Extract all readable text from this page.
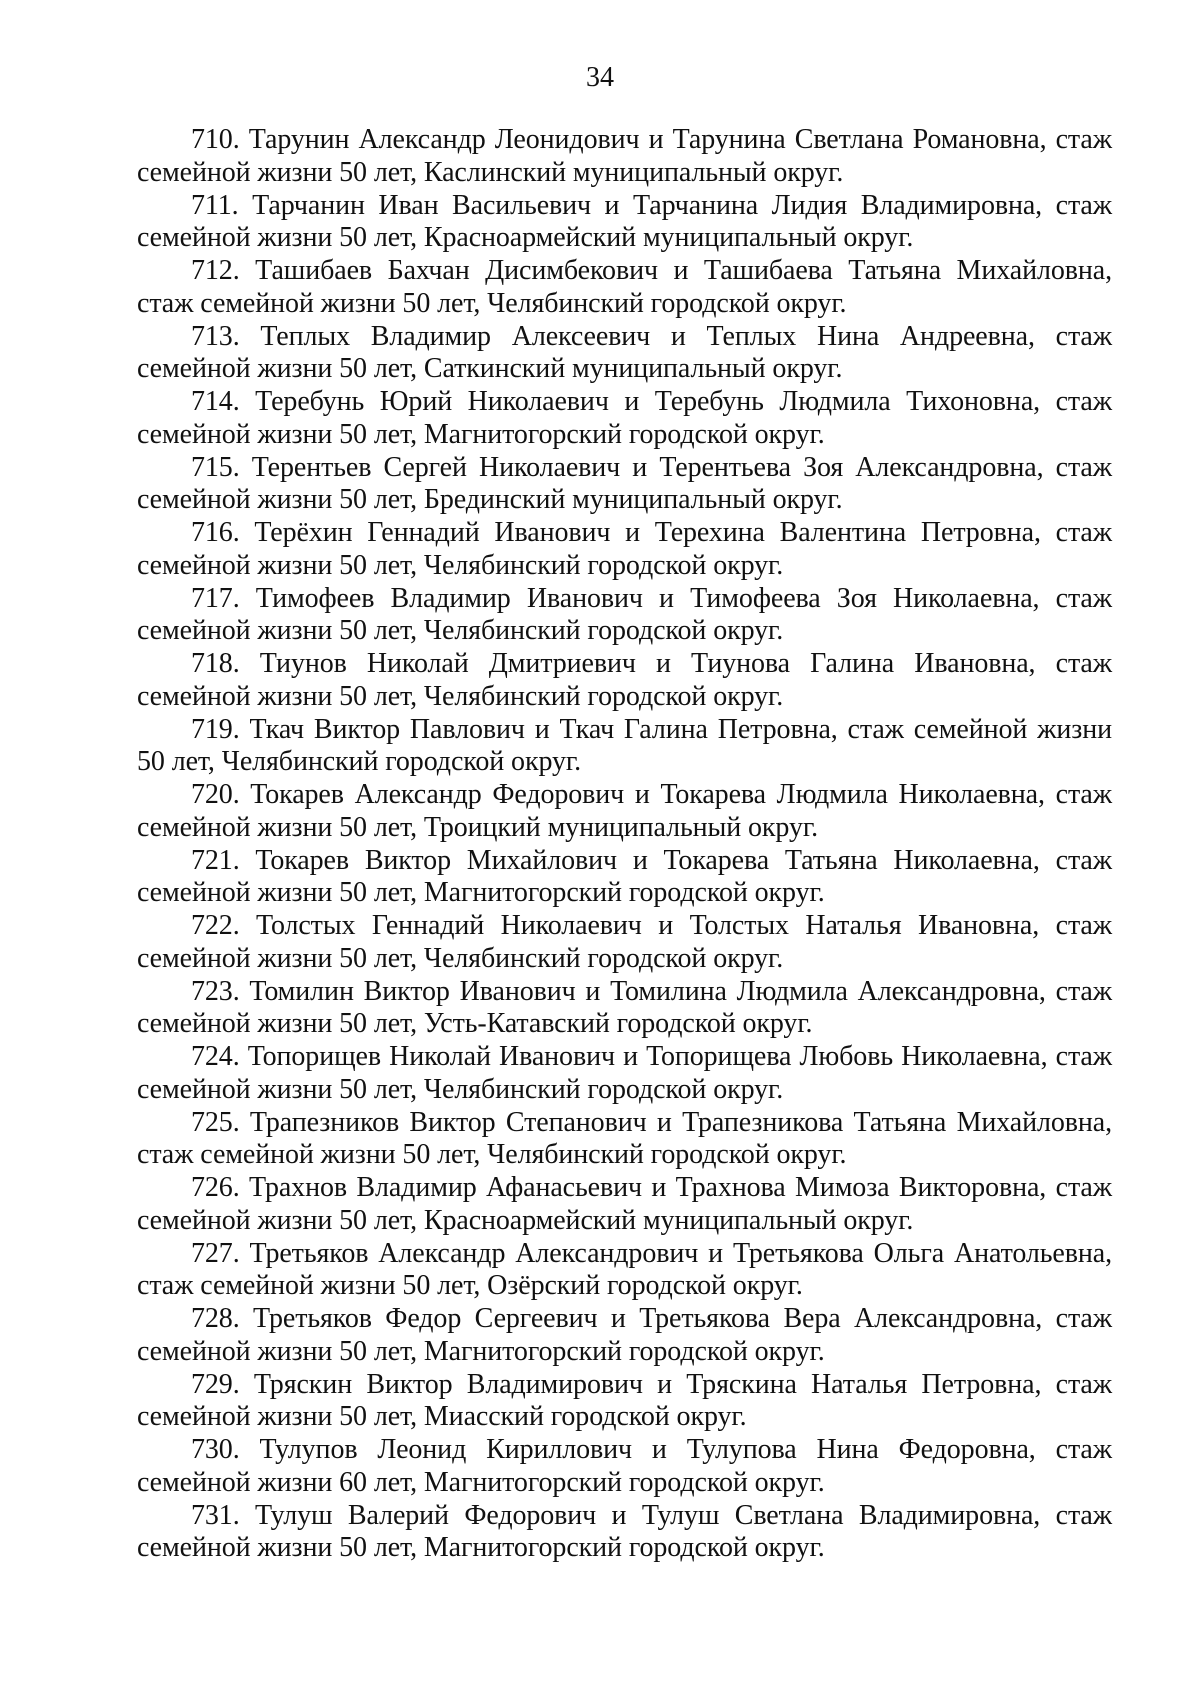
34

710. Тарунин Александр Леонидович и Тарунина Светлана Романовна, стаж семейной жизни 50 лет, Каслинский муниципальный округ.

711. Тарчанин Иван Васильевич и Тарчанина Лидия Владимировна, стаж семейной жизни 50 лет, Красноармейский муниципальный округ.

712. Ташибаев Бахчан Дисимбекович и Ташибаева Татьяна Михайловна, стаж семейной жизни 50 лет, Челябинский городской округ.

713. Теплых Владимир Алексеевич и Теплых Нина Андреевна, стаж семейной жизни 50 лет, Саткинский муниципальный округ.

714. Теребунь Юрий Николаевич и Теребунь Людмила Тихоновна, стаж семейной жизни 50 лет, Магнитогорский городской округ.

715. Терентьев Сергей Николаевич и Терентьева Зоя Александровна, стаж семейной жизни 50 лет, Брединский муниципальный округ.

716. Терёхин Геннадий Иванович и Терехина Валентина Петровна, стаж семейной жизни 50 лет, Челябинский городской округ.

717. Тимофеев Владимир Иванович и Тимофеева Зоя Николаевна, стаж семейной жизни 50 лет, Челябинский городской округ.

718. Тиунов Николай Дмитриевич и Тиунова Галина Ивановна, стаж семейной жизни 50 лет, Челябинский городской округ.

719. Ткач Виктор Павлович и Ткач Галина Петровна, стаж семейной жизни 50 лет, Челябинский городской округ.

720. Токарев Александр Федорович и Токарева Людмила Николаевна, стаж семейной жизни 50 лет, Троицкий муниципальный округ.

721. Токарев Виктор Михайлович и Токарева Татьяна Николаевна, стаж семейной жизни 50 лет, Магнитогорский городской округ.

722. Толстых Геннадий Николаевич и Толстых Наталья Ивановна, стаж семейной жизни 50 лет, Челябинский городской округ.

723. Томилин Виктор Иванович и Томилина Людмила Александровна, стаж семейной жизни 50 лет, Усть-Катавский городской округ.

724. Топорищев Николай Иванович и Топорищева Любовь Николаевна, стаж семейной жизни 50 лет, Челябинский городской округ.

725. Трапезников Виктор Степанович и Трапезникова Татьяна Михайловна, стаж семейной жизни 50 лет, Челябинский городской округ.

726. Трахнов Владимир Афанасьевич и Трахнова Мимоза Викторовна, стаж семейной жизни 50 лет, Красноармейский муниципальный округ.

727. Третьяков Александр Александрович и Третьякова Ольга Анатольевна, стаж семейной жизни 50 лет, Озёрский городской округ.

728. Третьяков Федор Сергеевич и Третьякова Вера Александровна, стаж семейной жизни 50 лет, Магнитогорский городской округ.

729. Тряскин Виктор Владимирович и Тряскина Наталья Петровна, стаж семейной жизни 50 лет, Миасский городской округ.

730. Тулупов Леонид Кириллович и Тулупова Нина Федоровна, стаж семейной жизни 60 лет, Магнитогорский городской округ.

731. Тулуш Валерий Федорович и Тулуш Светлана Владимировна, стаж семейной жизни 50 лет, Магнитогорский городской округ.
